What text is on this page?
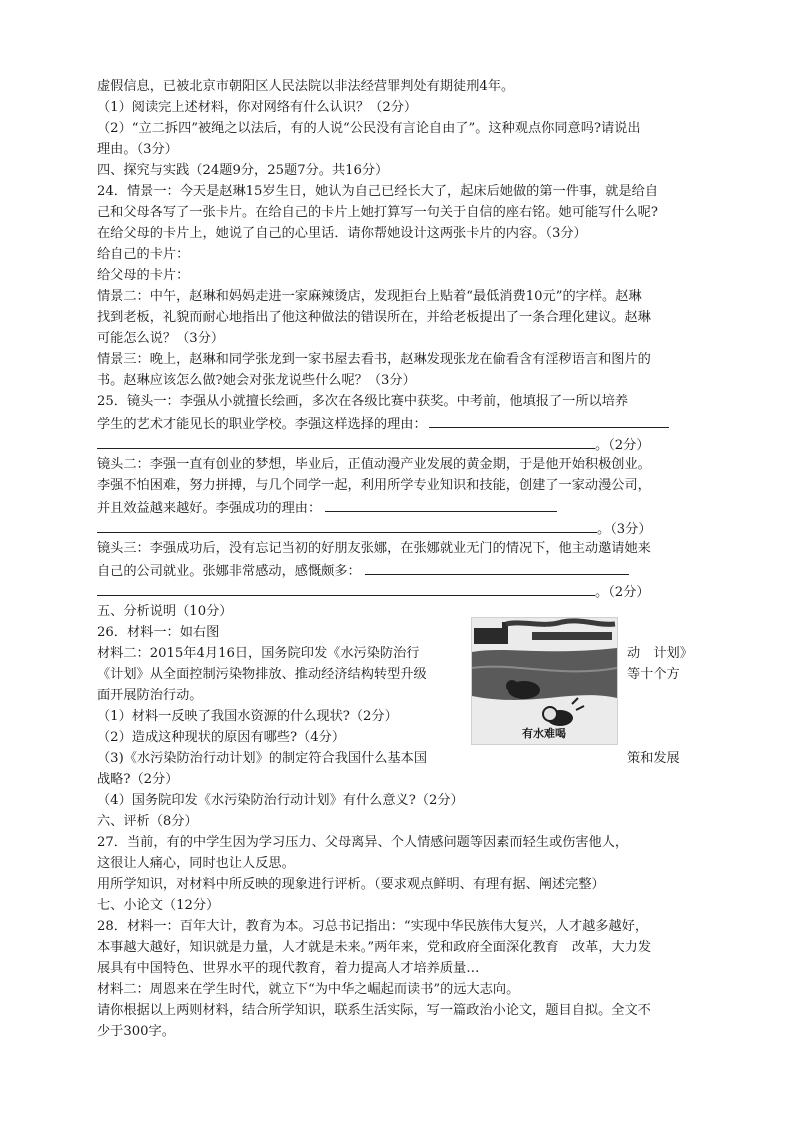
虚假信息，已被北京市朝阳区人民法院以非法经营罪判处有期徒刑4年。
（1）阅读完上述材料，你对网络有什么认识？（2分）
（2）“立二拆四”被绳之以法后，有的人说“公民没有言论自由了”。这种观点你同意吗?请说出
理由。（3分）
四、探究与实践（24题9分，25题7分。共16分）
24．情景一：今天是赵琳15岁生日，她认为自己已经长大了，起床后她做的第一件事，就是给自
己和父母各写了一张卡片。在给自己的卡片上她打算写一句关于自信的座右铭。她可能写什么呢?
在给父母的卡片上，她说了自己的心里话．请你帮她设计这两张卡片的内容。（3分）
给自己的卡片：
给父母的卡片：
情景二：中午，赵琳和妈妈走进一家麻辣烫店，发现拒台上贴着“最低消费10元”的字样。赵琳
找到老板，礼貌而耐心地指出了他这种做法的错误所在，并给老板提出了一条合理化建议。赵琳
可能怎么说？（3分）
情景三：晚上，赵琳和同学张龙到一家书屋去看书，赵琳发现张龙在偷看含有淫秽语言和图片的
书。赵琳应该怎么做?她会对张龙说些什么呢？（3分）
25．镜头一：李强从小就擅长绘画，多次在各级比赛中获奖。中考前，他填报了一所以培养
学生的艺术才能见长的职业学校。李强这样选择的理由：
。（2分）
镜头二：李强一直有创业的梦想，毕业后，正值动漫产业发展的黄金期，于是他开始积极创业。
李强不怕困难，努力拼搏，与几个同学一起，利用所学专业知识和技能，创建了一家动漫公司，
并且效益越来越好。李强成功的理由：
。（3分）
镜头三：李强成功后，没有忘记当初的好朋友张娜，在张娜就业无门的情况下，他主动邀请她来
自己的公司就业。张娜非常感动，感慨颇多：
。（2分）
五、分析说明（10分）
26．材料一：如右图
材料二：2015年4月16日，国务院印发《水污染防治行	动　计划》
《计划》从全面控制污染物排放、推动经济结构转型升级	等十个方
面开展防治行动。
（1）材料一反映了我国水资源的什么现状?（2分）
（2）造成这种现状的原因有哪些?（4分）
（3)《水污染防治行动计划》的制定符合我国什么基本国	策和发展
战略?（2分）
（4）国务院印发《水污染防治行动计划》有什么意义?（2分）
六、评析（8分）
27．当前，有的中学生因为学习压力、父母离异、个人情感问题等因素而轻生或伤害他人，
这很让人痛心，同时也让人反思。
用所学知识，对材料中所反映的现象进行评析。（要求观点鲜明、有理有据、阐述完整）
七、小论文（12分）
28．材料一：百年大计，教育为本。习总书记指出：“实现中华民族伟大复兴，人才越多越好，
本事越大越好，知识就是力量，人才就是未来。”两年来，党和政府全面深化教育　改革，大力发
展具有中国特色、世界水平的现代教育，着力提高人才培养质量…
材料二：周恩来在学生时代，就立下“为中华之崛起而读书”的远大志向。
请你根据以上两则材料，结合所学知识，联系生活实际，写一篇政治小论文，题目自拟。全文不
少于300字。
有水难喝
